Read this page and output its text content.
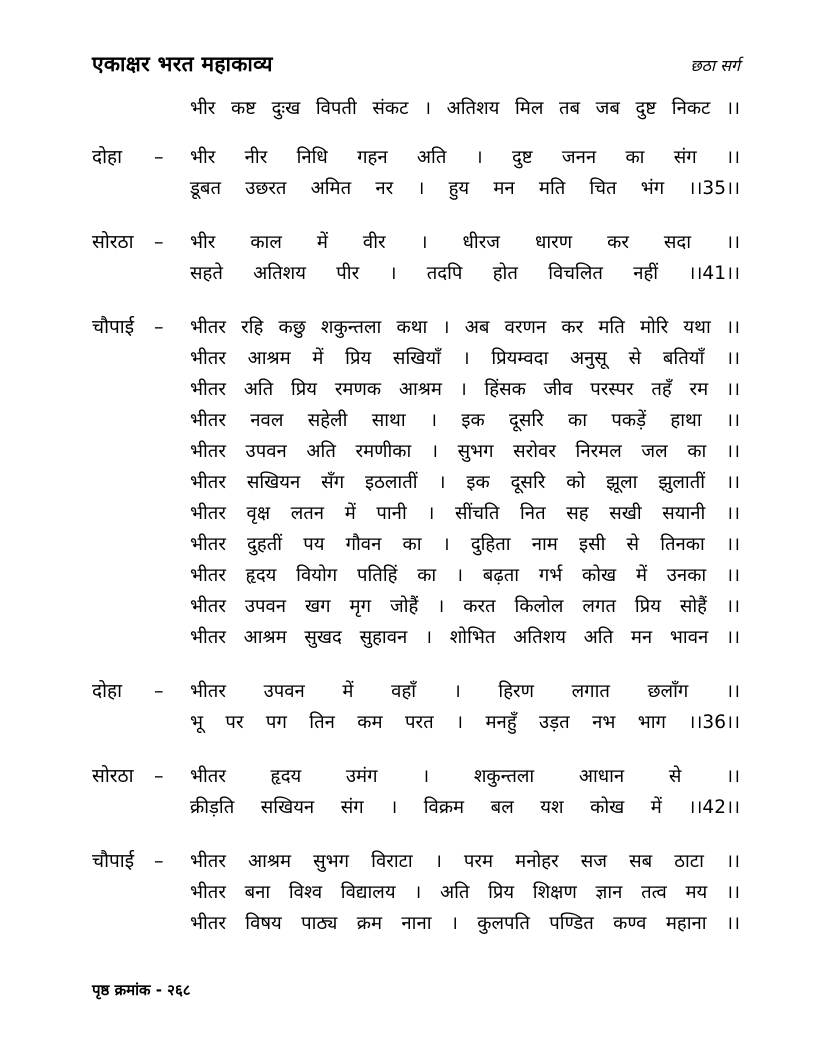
एकाक्षर भरत महाकाव्य	छठा सर्ग
भीर कष्ट दुःख विपती संकट । अतिशय मिल तब जब दुष्ट निकट ।।
दोहा	–	भीर नीर निधि गहन अति । दुष्ट जनन का संग ।।
डूबत उछरत अमित नर । हुय मन मति चित भंग ।।35।।
सोरठा	–	भीर काल में वीर । धीरज धारण कर सदा ।।
सहते अतिशय पीर । तदपि होत विचलित नहीं ।।41।।
चौपाई	–	भीतर रहि कछु शकुन्तला कथा । अब वरणन कर मति मोरि यथा ।।
भीतर आश्रम में प्रिय सखियाँ । प्रियम्वदा अनुसू से बतियाँ ।।
भीतर अति प्रिय रमणक आश्रम । हिंसक जीव परस्पर तहँ रम ।।
भीतर नवल सहेली साथा । इक दूसरि का पकड़ें हाथा ।।
भीतर उपवन अति रमणीका । सुभग सरोवर निरमल जल का ।।
भीतर सखियन सँग इठलातीं । इक दूसरि को झूला झुलातीं ।।
भीतर वृक्ष लतन में पानी । सींचति नित सह सखी सयानी ।।
भीतर दुहतीं पय गौवन का । दुहिता नाम इसी से तिनका ।।
भीतर हृदय वियोग पतिहिं का । बढ़ता गर्भ कोख में उनका ।।
भीतर उपवन खग मृग जोहैं । करत किलोल लगत प्रिय सोहैं ।।
भीतर आश्रम सुखद सुहावन । शोभित अतिशय अति मन भावन ।।
दोहा	–	भीतर उपवन में वहाँ । हिरण लगात छलाँग ।।
भू पर पग तिन कम परत । मनहुँ उड़त नभ भाग ।।36।।
सोरठा	–	भीतर हृदय उमंग । शकुन्तला आधान से ।।
क्रीड़ति सखियन संग । विक्रम बल यश कोख में ।।42।।
चौपाई	–	भीतर आश्रम सुभग विराटा । परम मनोहर सज सब ठाटा ।।
भीतर बना विश्व विद्यालय । अति प्रिय शिक्षण ज्ञान तत्व मय ।।
भीतर विषय पाठ्य क्रम नाना । कुलपति पण्डित कण्व महाना ।।
पृष्ठ क्रमांक - २६८
